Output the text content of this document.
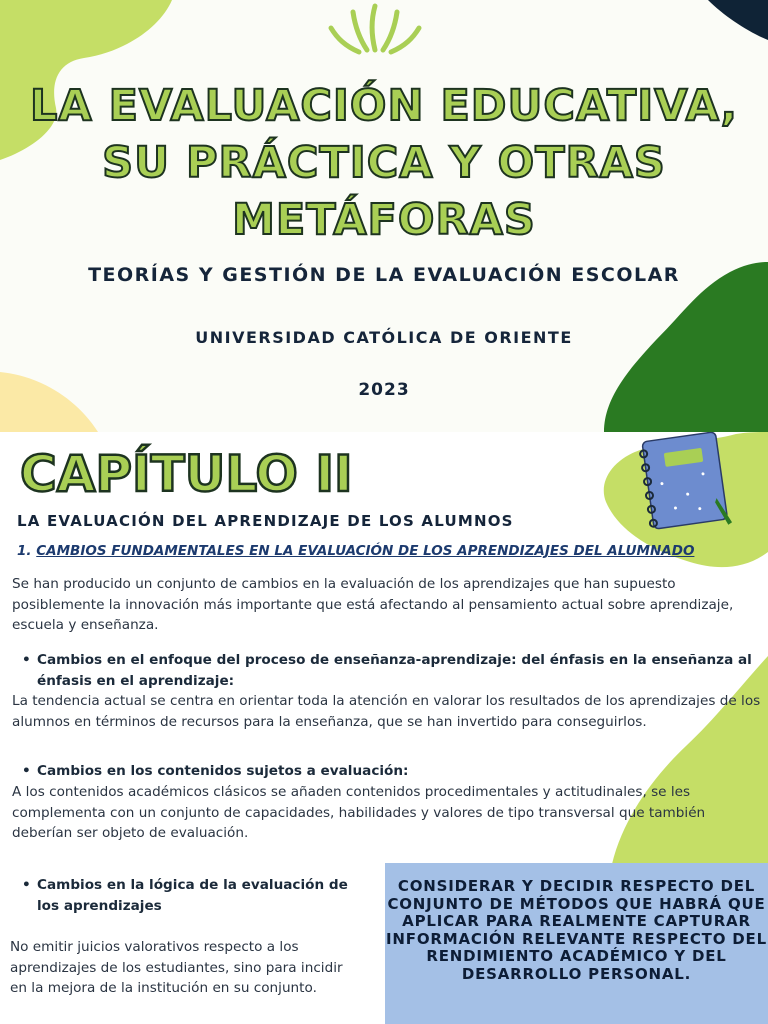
LA EVALUACIÓN EDUCATIVA, SU PRÁCTICA Y OTRAS METÁFORAS
TEORÍAS Y GESTIÓN DE LA EVALUACIÓN ESCOLAR
UNIVERSIDAD CATÓLICA DE ORIENTE
2023
CAPÍTULO II
LA EVALUACIÓN DEL APRENDIZAJE DE LOS ALUMNOS
1. CAMBIOS FUNDAMENTALES EN LA EVALUACIÓN DE LOS APRENDIZAJES DEL ALUMNADO

Se han producido un conjunto de cambios en la evaluación de los aprendizajes que han supuesto posiblemente la innovación más importante que está afectando al pensamiento actual sobre aprendizaje, escuela y enseñanza.

• Cambios en el enfoque del proceso de enseñanza-aprendizaje: del énfasis en la enseñanza al énfasis en el aprendizaje:

La tendencia actual se centra en orientar toda la atención en valorar los resultados de los aprendizajes de los alumnos en términos de recursos para la enseñanza, que se han invertido para conseguirlos.

• Cambios en los contenidos sujetos a evaluación:

A los contenidos académicos clásicos se añaden contenidos procedimentales y actitudinales, se les complementa con un conjunto de capacidades, habilidades y valores de tipo transversal que también deberían ser objeto de evaluación.

• Cambios en la lógica de la evaluación de los aprendizajes

No emitir juicios valorativos respecto a los aprendizajes de los estudiantes, sino para incidir en la mejora de la institución en su conjunto.

CONSIDERAR Y DECIDIR RESPECTO DEL CONJUNTO DE MÉTODOS QUE HABRÁ QUE APLICAR PARA REALMENTE CAPTURAR INFORMACIÓN RELEVANTE RESPECTO DEL RENDIMIENTO ACADÉMICO Y DEL DESARROLLO PERSONAL.
